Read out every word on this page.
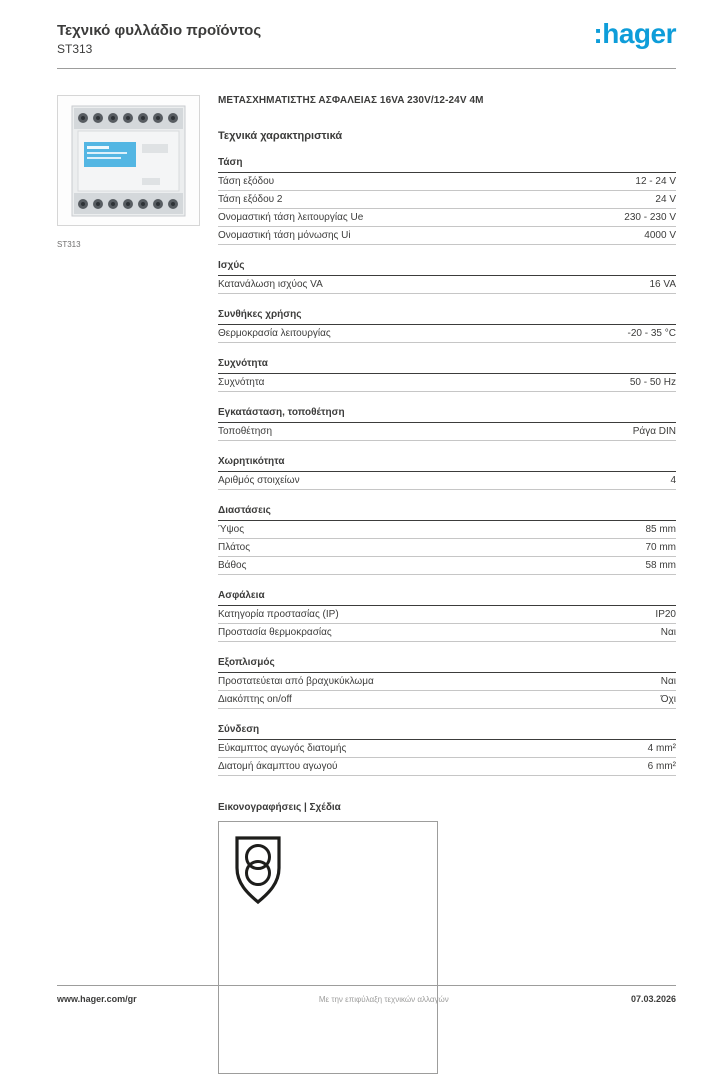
Τεχνικό φυλλάδιο προϊόντος
ST313	:hager
ST313
ΜΕΤΑΣΧΗΜΑΤΙΣΤΗΣ ΑΣΦΑΛΕΙΑΣ 16VA 230V/12-24V 4M
Τεχνικά χαρακτηριστικά
Τάση
Τάση εξόδου	12 - 24 V
Τάση εξόδου 2	24 V
Ονομαστική τάση λειτουργίας Ue	230 - 230 V
Ονομαστική τάση μόνωσης Ui	4000 V
Ισχύς
Κατανάλωση ισχύος VA	16 VA
Συνθήκες χρήσης
Θερμοκρασία λειτουργίας	-20 - 35 °C
Συχνότητα
Συχνότητα	50 - 50 Hz
Εγκατάσταση, τοποθέτηση
Τοποθέτηση	Ράγα DIN
Χωρητικότητα
Αριθμός στοιχείων	4
Διαστάσεις
Ύψος	85 mm
Πλάτος	70 mm
Βάθος	58 mm
Ασφάλεια
Κατηγορία προστασίας (IP)	IP20
Προστασία θερμοκρασίας	Ναι
Εξοπλισμός
Προστατεύεται από βραχυκύκλωμα	Ναι
Διακόπτης on/off	Όχι
Σύνδεση
Εύκαμπτος αγωγός διατομής	4 mm²
Διατομή άκαμπτου αγωγού	6 mm²
Εικονογραφήσεις | Σχέδια
www.hager.com/gr	Με την επιφύλαξη τεχνικών αλλαγών	07.03.2026
